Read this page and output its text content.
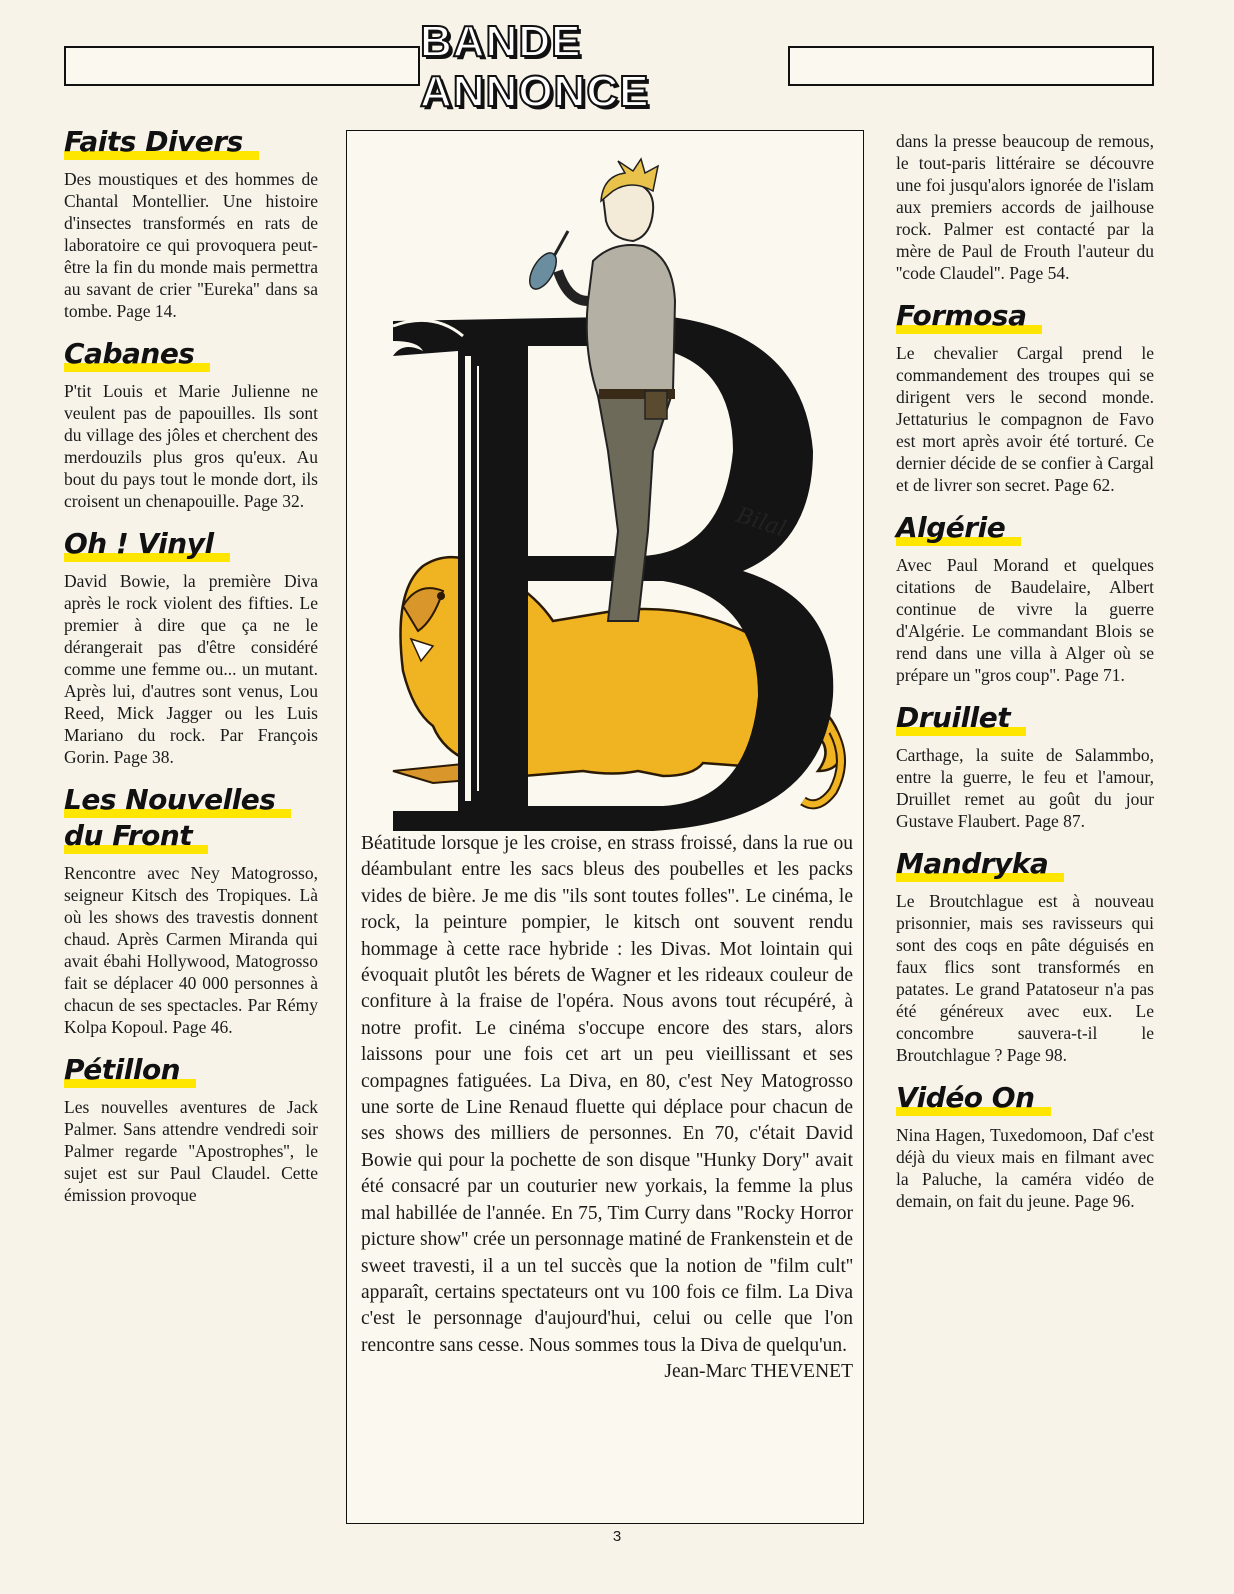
BANDE ANNONCE
Faits Divers

Des moustiques et des hommes de Chantal Montellier. Une histoire d'insectes transformés en rats de laboratoire ce qui provoquera peut-être la fin du monde mais permettra au savant de crier ''Eureka'' dans sa tombe. Page 14.

Cabanes

P'tit Louis et Marie Julienne ne veulent pas de papouilles. Ils sont du village des jôles et cherchent des merdouzils plus gros qu'eux. Au bout du pays tout le monde dort, ils croisent un chenapouille. Page 32.

Oh ! Vinyl

David Bowie, la première Diva après le rock violent des fifties. Le premier à dire que ça ne le dérangerait pas d'être considéré comme une femme ou... un mutant. Après lui, d'autres sont venus, Lou Reed, Mick Jagger ou les Luis Mariano du rock. Par François Gorin. Page 38.

Les Nouvelles
du Front

Rencontre avec Ney Matogrosso, seigneur Kitsch des Tropiques. Là où les shows des travestis donnent chaud. Après Carmen Miranda qui avait ébahi Hollywood, Matogrosso fait se déplacer 40 000 personnes à chacun de ses spectacles. Par Rémy Kolpa Kopoul. Page 46.

Pétillon

Les nouvelles aventures de Jack Palmer. Sans attendre vendredi soir Palmer regarde ''Apostrophes'', le sujet est sur Paul Claudel. Cette émission provoque

Bilal

Béatitude lorsque je les croise, en strass froissé, dans la rue ou déambulant entre les sacs bleus des poubelles et les packs vides de bière. Je me dis ''ils sont toutes folles''. Le cinéma, le rock, la peinture pompier, le kitsch ont souvent rendu hommage à cette race hybride : les Divas. Mot lointain qui évoquait plutôt les bérets de Wagner et les rideaux couleur de confiture à la fraise de l'opéra. Nous avons tout récupéré, à notre profit. Le cinéma s'occupe encore des stars, alors laissons pour une fois cet art un peu vieillissant et ses compagnes fatiguées. La Diva, en 80, c'est Ney Matogrosso une sorte de Line Renaud fluette qui déplace pour chacun de ses shows des milliers de personnes. En 70, c'était David Bowie qui pour la pochette de son disque ''Hunky Dory'' avait été consacré par un couturier new yorkais, la femme la plus mal habillée de l'année. En 75, Tim Curry dans ''Rocky Horror picture show'' crée un personnage matiné de Frankenstein et de sweet travesti, il a un tel succès que la notion de ''film cult'' apparaît, certains spectateurs ont vu 100 fois ce film. La Diva c'est le personnage d'aujourd'hui, celui ou celle que l'on rencontre sans cesse. Nous sommes tous la Diva de quelqu'un.
Jean-Marc THEVENET

dans la presse beaucoup de remous, le tout-paris littéraire se découvre une foi jusqu'alors ignorée de l'islam aux premiers accords de jailhouse rock. Palmer est contacté par la mère de Paul de Frouth l'auteur du ''code Claudel''. Page 54.

Formosa

Le chevalier Cargal prend le commandement des troupes qui se dirigent vers le second monde. Jettaturius le compagnon de Favo est mort après avoir été torturé. Ce dernier décide de se confier à Cargal et de livrer son secret. Page 62.

Algérie

Avec Paul Morand et quelques citations de Baudelaire, Albert continue de vivre la guerre d'Algérie. Le commandant Blois se rend dans une villa à Alger où se prépare un ''gros coup''. Page 71.

Druillet

Carthage, la suite de Salammbo, entre la guerre, le feu et l'amour, Druillet remet au goût du jour Gustave Flaubert. Page 87.

Mandryka

Le Broutchlague est à nouveau prisonnier, mais ses ravisseurs qui sont des coqs en pâte déguisés en faux flics sont transformés en patates. Le grand Patatoseur n'a pas été généreux avec eux. Le concombre sauvera-t-il le Broutchlague ? Page 98.

Vidéo On

Nina Hagen, Tuxedomoon, Daf c'est déjà du vieux mais en filmant avec la Paluche, la caméra vidéo de demain, on fait du jeune. Page 96.

3
